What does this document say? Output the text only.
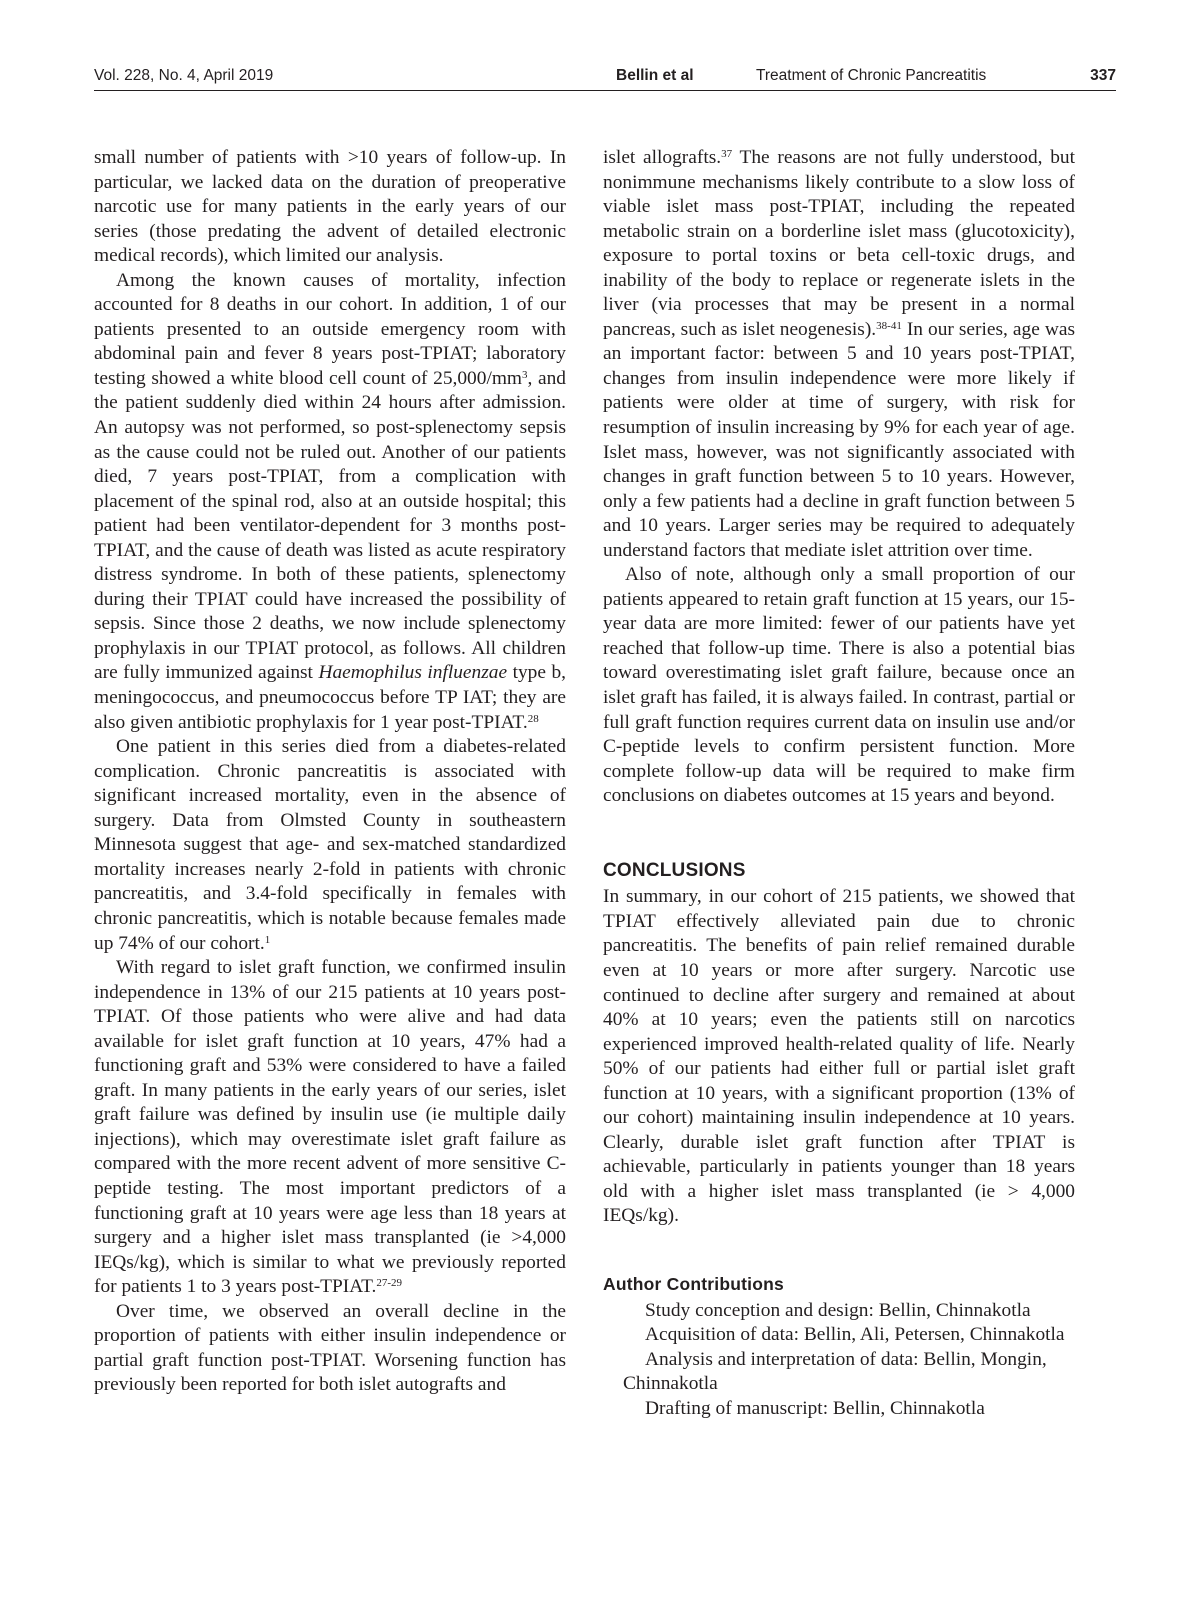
Vol. 228, No. 4, April 2019	Bellin et al	Treatment of Chronic Pancreatitis	337

small number of patients with >10 years of follow-up. In particular, we lacked data on the duration of preoperative narcotic use for many patients in the early years of our series (those predating the advent of detailed electronic medical records), which limited our analysis.

Among the known causes of mortality, infection accounted for 8 deaths in our cohort. In addition, 1 of our patients presented to an outside emergency room with abdominal pain and fever 8 years post-TPIAT; laboratory testing showed a white blood cell count of $25,000/mm^3$, and the patient suddenly died within 24 hours after admission. An autopsy was not performed, so post-splenectomy sepsis as the cause could not be ruled out. Another of our patients died, 7 years post-TPIAT, from a complication with placement of the spinal rod, also at an outside hospital; this patient had been ventilator-dependent for 3 months post-TPIAT, and the cause of death was listed as acute respiratory distress syndrome. In both of these patients, splenectomy during their TPIAT could have increased the possibility of sepsis. Since those 2 deaths, we now include splenectomy prophylaxis in our TPIAT protocol, as follows. All children are fully immunized against Haemophilus influenzae type b, meningococcus, and pneumococcus before TP IAT; they are also given antibiotic prophylaxis for 1 year post-TPIAT.$^{28}$

One patient in this series died from a diabetes-related complication. Chronic pancreatitis is associated with significant increased mortality, even in the absence of surgery. Data from Olmsted County in southeastern Minnesota suggest that age- and sex-matched standardized mortality increases nearly 2-fold in patients with chronic pancreatitis, and 3.4-fold specifically in females with chronic pancreatitis, which is notable because females made up 74% of our cohort.$^1$

With regard to islet graft function, we confirmed insulin independence in 13% of our 215 patients at 10 years post-TPIAT. Of those patients who were alive and had data available for islet graft function at 10 years, 47% had a functioning graft and 53% were considered to have a failed graft. In many patients in the early years of our series, islet graft failure was defined by insulin use (ie multiple daily injections), which may overestimate islet graft failure as compared with the more recent advent of more sensitive C-peptide testing. The most important predictors of a functioning graft at 10 years were age less than 18 years at surgery and a higher islet mass transplanted (ie >4,000 IEQs/kg), which is similar to what we previously reported for patients 1 to 3 years post-TPIAT.$^{27-29}$

Over time, we observed an overall decline in the proportion of patients with either insulin independence or partial graft function post-TPIAT. Worsening function has previously been reported for both islet autografts and

islet allografts.$^{37}$ The reasons are not fully understood, but nonimmune mechanisms likely contribute to a slow loss of viable islet mass post-TPIAT, including the repeated metabolic strain on a borderline islet mass (glucotoxicity), exposure to portal toxins or beta cell-toxic drugs, and inability of the body to replace or regenerate islets in the liver (via processes that may be present in a normal pancreas, such as islet neogenesis).$^{38-41}$ In our series, age was an important factor: between 5 and 10 years post-TPIAT, changes from insulin independence were more likely if patients were older at time of surgery, with risk for resumption of insulin increasing by 9% for each year of age. Islet mass, however, was not significantly associated with changes in graft function between 5 to 10 years. However, only a few patients had a decline in graft function between 5 and 10 years. Larger series may be required to adequately understand factors that mediate islet attrition over time.

Also of note, although only a small proportion of our patients appeared to retain graft function at 15 years, our 15-year data are more limited: fewer of our patients have yet reached that follow-up time. There is also a potential bias toward overestimating islet graft failure, because once an islet graft has failed, it is always failed. In contrast, partial or full graft function requires current data on insulin use and/or C-peptide levels to confirm persistent function. More complete follow-up data will be required to make firm conclusions on diabetes outcomes at 15 years and beyond.

CONCLUSIONS

In summary, in our cohort of 215 patients, we showed that TPIAT effectively alleviated pain due to chronic pancreatitis. The benefits of pain relief remained durable even at 10 years or more after surgery. Narcotic use continued to decline after surgery and remained at about 40% at 10 years; even the patients still on narcotics experienced improved health-related quality of life. Nearly 50% of our patients had either full or partial islet graft function at 10 years, with a significant proportion (13% of our cohort) maintaining insulin independence at 10 years. Clearly, durable islet graft function after TPIAT is achievable, particularly in patients younger than 18 years old with a higher islet mass transplanted (ie > 4,000 IEQs/kg).

Author Contributions

Study conception and design: Bellin, Chinnakotla

Acquisition of data: Bellin, Ali, Petersen, Chinnakotla

Analysis and interpretation of data: Bellin, Mongin, Chinnakotla

Drafting of manuscript: Bellin, Chinnakotla
